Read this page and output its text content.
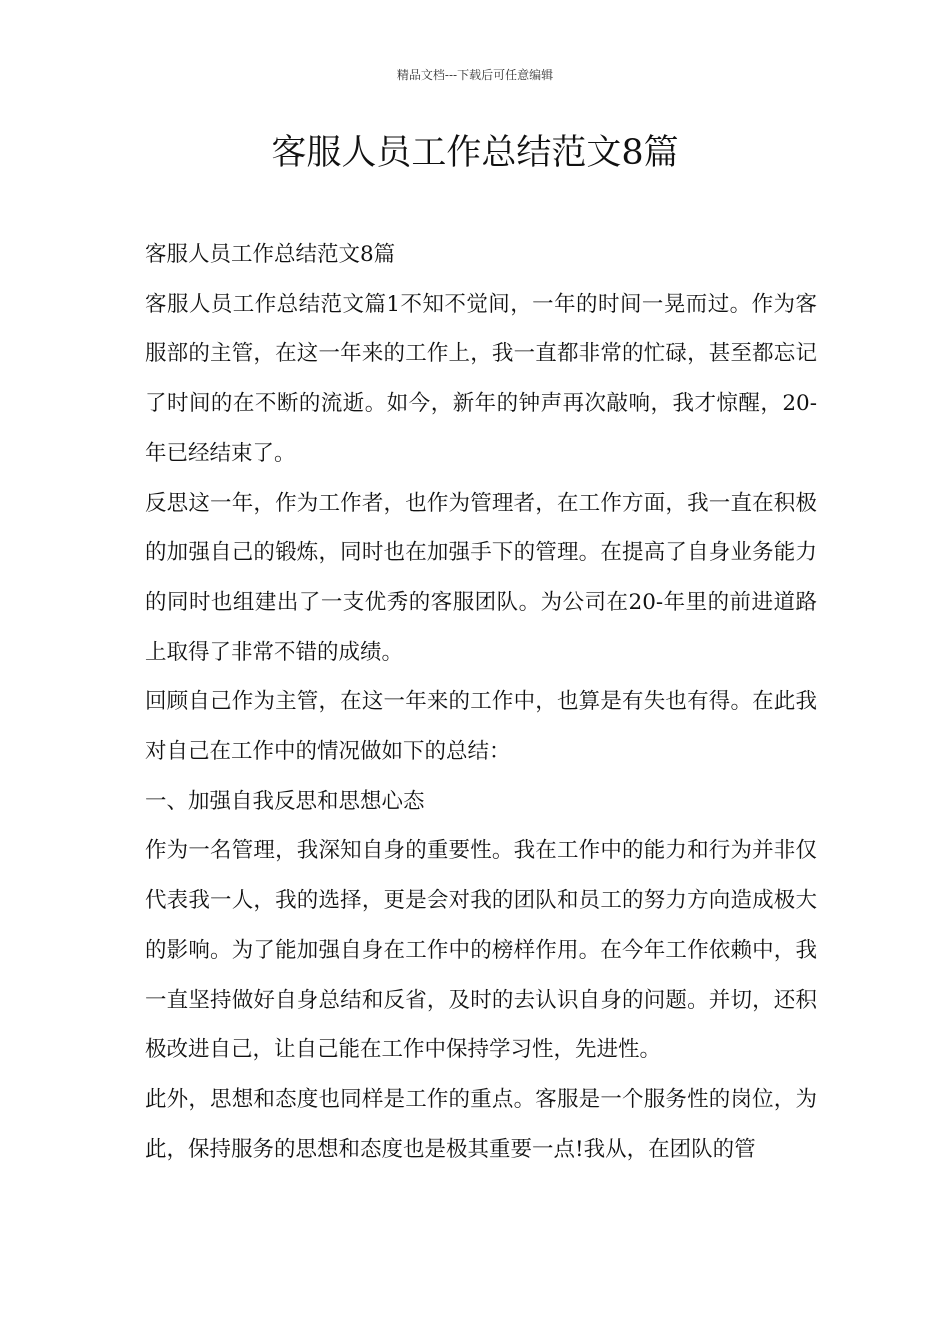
精品文档---下载后可任意编辑
客服人员工作总结范文8篇

客服人员工作总结范文8篇

客服人员工作总结范文篇1不知不觉间，一年的时间一晃而过。作为客服部的主管，在这一年来的工作上，我一直都非常的忙碌，甚至都忘记了时间的在不断的流逝。如今，新年的钟声再次敲响，我才惊醒，20-年已经结束了。

反思这一年，作为工作者，也作为管理者，在工作方面，我一直在积极的加强自己的锻炼，同时也在加强手下的管理。在提高了自身业务能力的同时也组建出了一支优秀的客服团队。为公司在20-年里的前进道路上取得了非常不错的成绩。

回顾自己作为主管，在这一年来的工作中，也算是有失也有得。在此我对自己在工作中的情况做如下的总结：

一、加强自我反思和思想心态

作为一名管理，我深知自身的重要性。我在工作中的能力和行为并非仅代表我一人，我的选择，更是会对我的团队和员工的努力方向造成极大的影响。为了能加强自身在工作中的榜样作用。在今年工作依赖中，我一直坚持做好自身总结和反省，及时的去认识自身的问题。并切，还积极改进自己，让自己能在工作中保持学习性，先进性。

此外，思想和态度也同样是工作的重点。客服是一个服务性的岗位，为此，保持服务的思想和态度也是极其重要一点!我从，在团队的管
